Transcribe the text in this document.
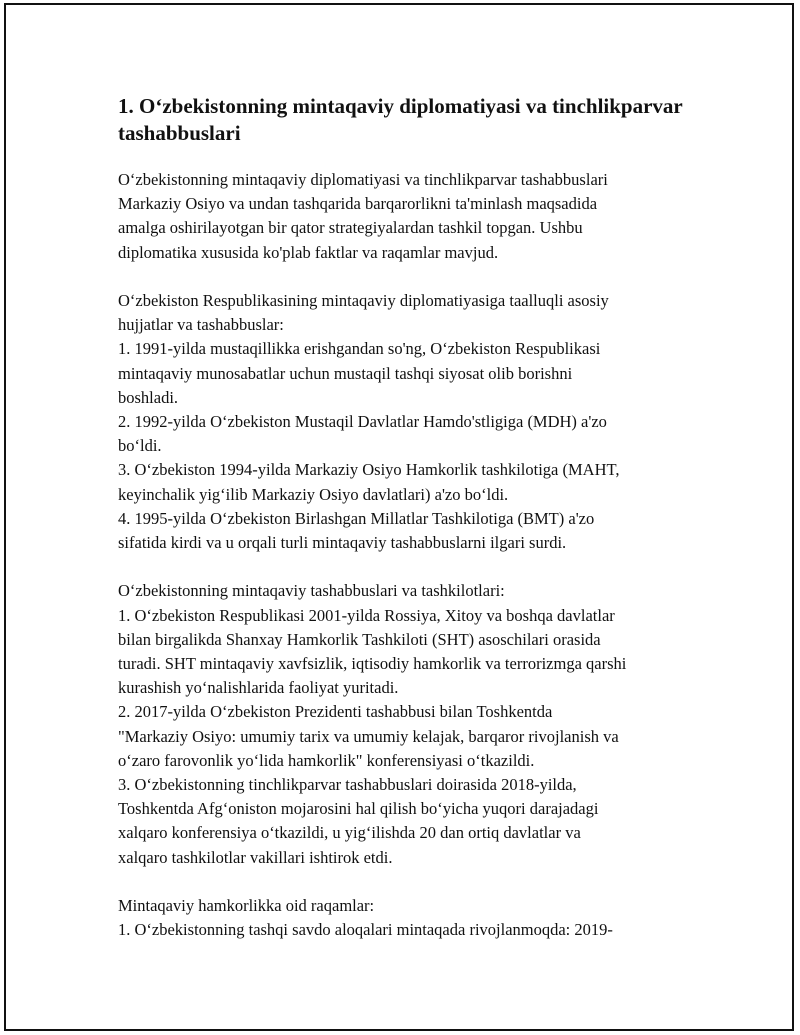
1. O‘zbekistonning mintaqaviy diplomatiyasi va tinchlikparvar
tashabbuslari
O‘zbekistonning mintaqaviy diplomatiyasi va tinchlikparvar tashabbuslari
Markaziy Osiyo va undan tashqarida barqarorlikni ta'minlash maqsadida
amalga oshirilayotgan bir qator strategiyalardan tashkil topgan. Ushbu
diplomatika xususida ko'plab faktlar va raqamlar mavjud.
O‘zbekiston Respublikasining mintaqaviy diplomatiyasiga taalluqli asosiy
hujjatlar va tashabbuslar:
1. 1991-yilda mustaqillikka erishgandan so'ng, O‘zbekiston Respublikasi
mintaqaviy munosabatlar uchun mustaqil tashqi siyosat olib borishni
boshladi.
2. 1992-yilda O‘zbekiston Mustaqil Davlatlar Hamdo'stligiga (MDH) a'zo
bo‘ldi.
3. O‘zbekiston 1994-yilda Markaziy Osiyo Hamkorlik tashkilotiga (MAHT,
keyinchalik yig‘ilib Markaziy Osiyo davlatlari) a'zo bo‘ldi.
4. 1995-yilda O‘zbekiston Birlashgan Millatlar Tashkilotiga (BMT) a'zo
sifatida kirdi va u orqali turli mintaqaviy tashabbuslarni ilgari surdi.
O‘zbekistonning mintaqaviy tashabbuslari va tashkilotlari:
1. O‘zbekiston Respublikasi 2001-yilda Rossiya, Xitoy va boshqa davlatlar
bilan birgalikda Shanxay Hamkorlik Tashkiloti (SHT) asoschilari orasida
turadi. SHT mintaqaviy xavfsizlik, iqtisodiy hamkorlik va terrorizmga qarshi
kurashish yo‘nalishlarida faoliyat yuritadi.
2. 2017-yilda O‘zbekiston Prezidenti tashabbusi bilan Toshkentda
"Markaziy Osiyo: umumiy tarix va umumiy kelajak, barqaror rivojlanish va
o‘zaro farovonlik yo‘lida hamkorlik" konferensiyasi o‘tkazildi.
3. O‘zbekistonning tinchlikparvar tashabbuslari doirasida 2018-yilda,
Toshkentda Afg‘oniston mojarosini hal qilish bo‘yicha yuqori darajadagi
xalqaro konferensiya o‘tkazildi, u yig‘ilishda 20 dan ortiq davlatlar va
xalqaro tashkilotlar vakillari ishtirok etdi.
Mintaqaviy hamkorlikka oid raqamlar:
1. O‘zbekistonning tashqi savdo aloqalari mintaqada rivojlanmoqda: 2019-
